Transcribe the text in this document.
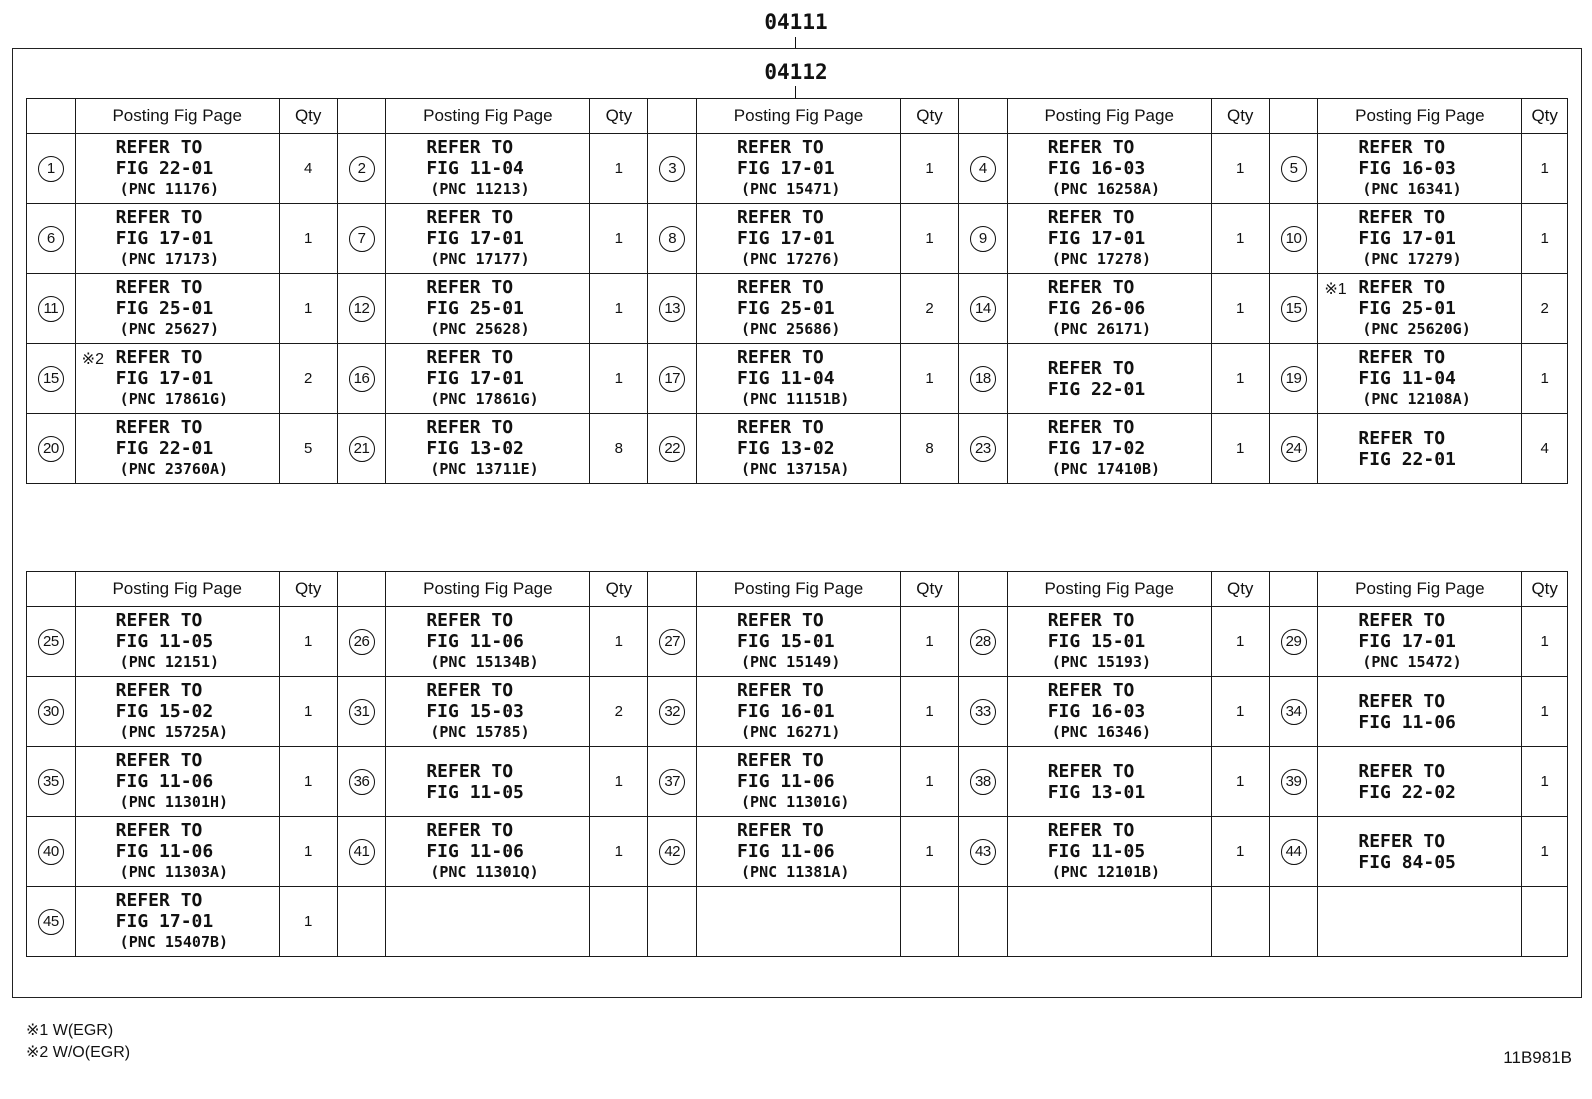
04111
04112
	Posting Fig Page	Qty		Posting Fig Page	Qty		Posting Fig Page	Qty		Posting Fig Page	Qty		Posting Fig Page	Qty
1	REFER TO
FIG 22-01
(PNC 11176)	4	2	REFER TO
FIG 11-04
(PNC 11213)	1	3	REFER TO
FIG 17-01
(PNC 15471)	1	4	REFER TO
FIG 16-03
(PNC 16258A)	1	5	REFER TO
FIG 16-03
(PNC 16341)	1
6	REFER TO
FIG 17-01
(PNC 17173)	1	7	REFER TO
FIG 17-01
(PNC 17177)	1	8	REFER TO
FIG 17-01
(PNC 17276)	1	9	REFER TO
FIG 17-01
(PNC 17278)	1	10	REFER TO
FIG 17-01
(PNC 17279)	1
11	REFER TO
FIG 25-01
(PNC 25627)	1	12	REFER TO
FIG 25-01
(PNC 25628)	1	13	REFER TO
FIG 25-01
(PNC 25686)	2	14	REFER TO
FIG 26-06
(PNC 26171)	1	15	※1 REFER TO
FIG 25-01
(PNC 25620G)	2
15	※2 REFER TO
FIG 17-01
(PNC 17861G)	2	16	REFER TO
FIG 17-01
(PNC 17861G)	1	17	REFER TO
FIG 11-04
(PNC 11151B)	1	18	REFER TO
FIG 22-01	1	19	REFER TO
FIG 11-04
(PNC 12108A)	1
20	REFER TO
FIG 22-01
(PNC 23760A)	5	21	REFER TO
FIG 13-02
(PNC 13711E)	8	22	REFER TO
FIG 13-02
(PNC 13715A)	8	23	REFER TO
FIG 17-02
(PNC 17410B)	1	24	REFER TO
FIG 22-01	4
	Posting Fig Page	Qty		Posting Fig Page	Qty		Posting Fig Page	Qty		Posting Fig Page	Qty		Posting Fig Page	Qty
25	REFER TO
FIG 11-05
(PNC 12151)	1	26	REFER TO
FIG 11-06
(PNC 15134B)	1	27	REFER TO
FIG 15-01
(PNC 15149)	1	28	REFER TO
FIG 15-01
(PNC 15193)	1	29	REFER TO
FIG 17-01
(PNC 15472)	1
30	REFER TO
FIG 15-02
(PNC 15725A)	1	31	REFER TO
FIG 15-03
(PNC 15785)	2	32	REFER TO
FIG 16-01
(PNC 16271)	1	33	REFER TO
FIG 16-03
(PNC 16346)	1	34	REFER TO
FIG 11-06	1
35	REFER TO
FIG 11-06
(PNC 11301H)	1	36	REFER TO
FIG 11-05	1	37	REFER TO
FIG 11-06
(PNC 11301G)	1	38	REFER TO
FIG 13-01	1	39	REFER TO
FIG 22-02	1
40	REFER TO
FIG 11-06
(PNC 11303A)	1	41	REFER TO
FIG 11-06
(PNC 11301Q)	1	42	REFER TO
FIG 11-06
(PNC 11381A)	1	43	REFER TO
FIG 11-05
(PNC 12101B)	1	44	REFER TO
FIG 84-05	1
45	REFER TO
FIG 17-01
(PNC 15407B)	1												
※1 W(EGR)
※2 W/O(EGR)	11B981B
